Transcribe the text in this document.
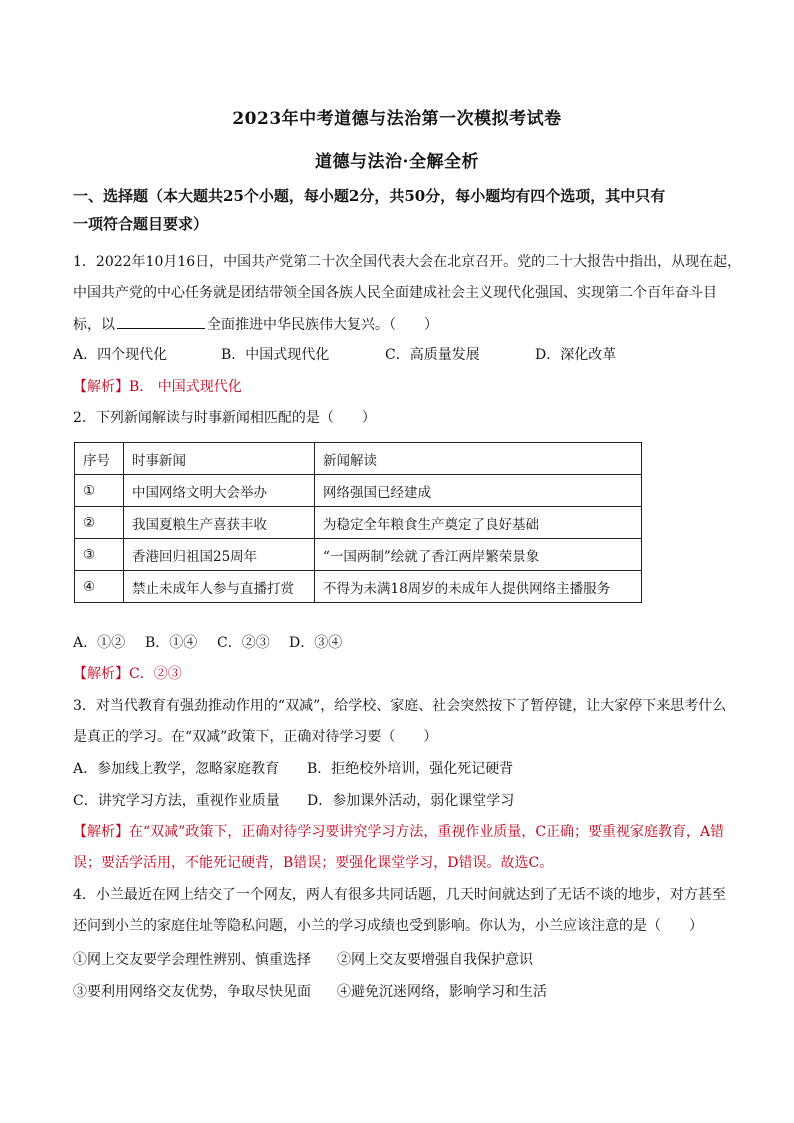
2023年中考道德与法治第一次模拟考试卷
道德与法治·全解全析
一、选择题（本大题共25个小题，每小题2分，共50分，每小题均有四个选项，其中只有
一项符合题目要求）
1．2022年10月16日，中国共产党第二十次全国代表大会在北京召开。党的二十大报告中指出，从现在起，
中国共产党的中心任务就是团结带领全国各族人民全面建成社会主义现代化强国、实现第二个百年奋斗目
标，以	全面推进中华民族伟大复兴。（　　）
A．四个现代化	B．中国式现代化	C．高质量发展	D．深化改革
【解析】B． 中国式现代化
2．下列新闻解读与时事新闻相匹配的是（　　）
序号	时事新闻	新闻解读
①	中国网络文明大会举办	网络强国已经建成
②	我国夏粮生产喜获丰收	为稳定全年粮食生产奠定了良好基础
③	香港回归祖国25周年	“一国两制”绘就了香江两岸繁荣景象
④	禁止未成年人参与直播打赏	不得为未满18周岁的未成年人提供网络主播服务
A．①② B．①④ C．②③ D．③④
【解析】C．②③
3．对当代教育有强劲推动作用的“双减”，给学校、家庭、社会突然按下了暂停键，让大家停下来思考什么
是真正的学习。在“双减”政策下，正确对待学习要（　　）
A．参加线上教学，忽略家庭教育 B．拒绝校外培训，强化死记硬背
C．讲究学习方法，重视作业质量 D．参加课外活动，弱化课堂学习
【解析】在“双减”政策下，正确对待学习要讲究学习方法，重视作业质量，C正确；要重视家庭教育，A错
误；要活学活用，不能死记硬背，B错误；要强化课堂学习，D错误。故选C。
4．小兰最近在网上结交了一个网友，两人有很多共同话题，几天时间就达到了无话不谈的地步，对方甚至
还问到小兰的家庭住址等隐私问题，小兰的学习成绩也受到影响。你认为，小兰应该注意的是（　　）
①网上交友要学会理性辨别、慎重选择 ②网上交友要增强自我保护意识
③要利用网络交友优势，争取尽快见面 ④避免沉迷网络，影响学习和生活
